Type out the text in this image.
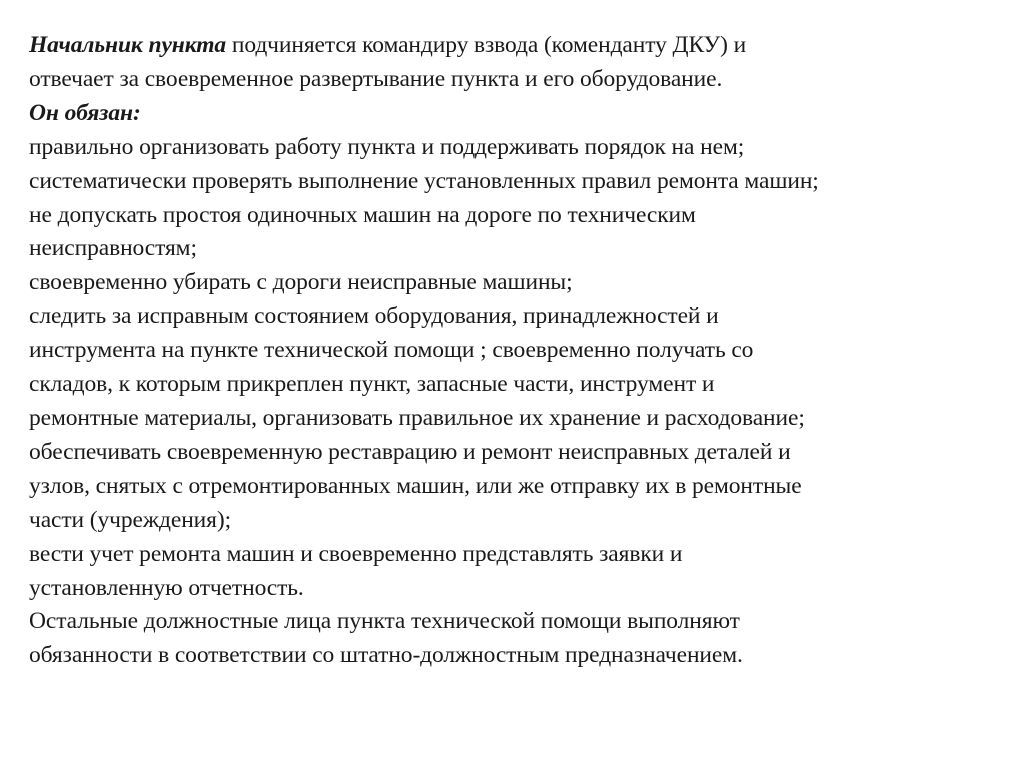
Начальник пункта подчиняется командиру взвода (коменданту ДКУ) и
отвечает за своевременное развертывание пункта и его оборудование.
Он обязан:
правильно организовать работу пункта и поддерживать порядок на нем;
систематически проверять выполнение установленных правил ремонта машин;
не допускать простоя одиночных машин на дороге по техническим
неисправностям;
своевременно убирать с дороги неисправные машины;
следить за исправным состоянием оборудования, принадлежностей и
инструмента на пункте технической помощи ; своевременно получать со
складов, к которым прикреплен пункт, запасные части, инструмент и
ремонтные материалы, организовать правильное их хранение и расходование;
обеспечивать своевременную реставрацию и ремонт неисправных деталей и
узлов, снятых с отремонтированных машин, или же отправку их в ремонтные
части (учреждения);
вести учет ремонта машин и своевременно представлять заявки и
установленную отчетность.
Остальные должностные лица пункта технической помощи выполняют
обязанности в соответствии со штатно-должностным предназначением.
